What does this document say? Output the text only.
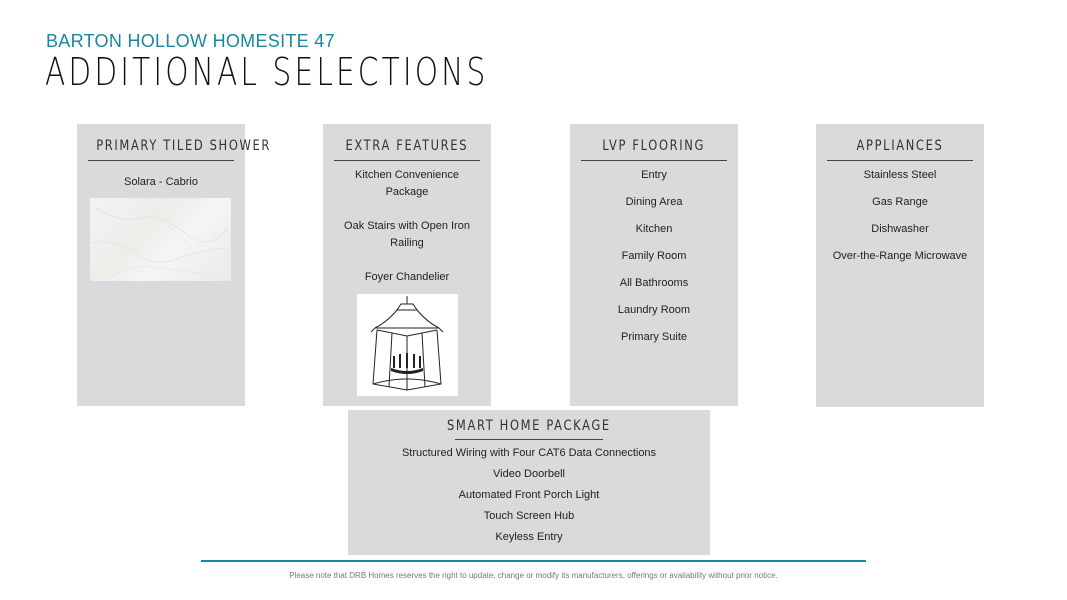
BARTON HOLLOW HOMESITE 47
ADDITIONAL SELECTIONS
PRIMARY TILED SHOWER
Solara - Cabrio
EXTRA FEATURES
Kitchen Convenience Package
Oak Stairs with Open Iron Railing
Foyer Chandelier
LVP FLOORING
Entry
Dining Area
Kitchen
Family Room
All Bathrooms
Laundry Room
Primary Suite
APPLIANCES
Stainless Steel
Gas Range
Dishwasher
Over-the-Range Microwave
SMART HOME PACKAGE
Structured Wiring with Four CAT6 Data Connections
Video Doorbell
Automated Front Porch Light
Touch Screen Hub
Keyless Entry
Please note that DRB Homes reserves the right to update, change or modify its manufacturers, offerings or availability without prior notice.
